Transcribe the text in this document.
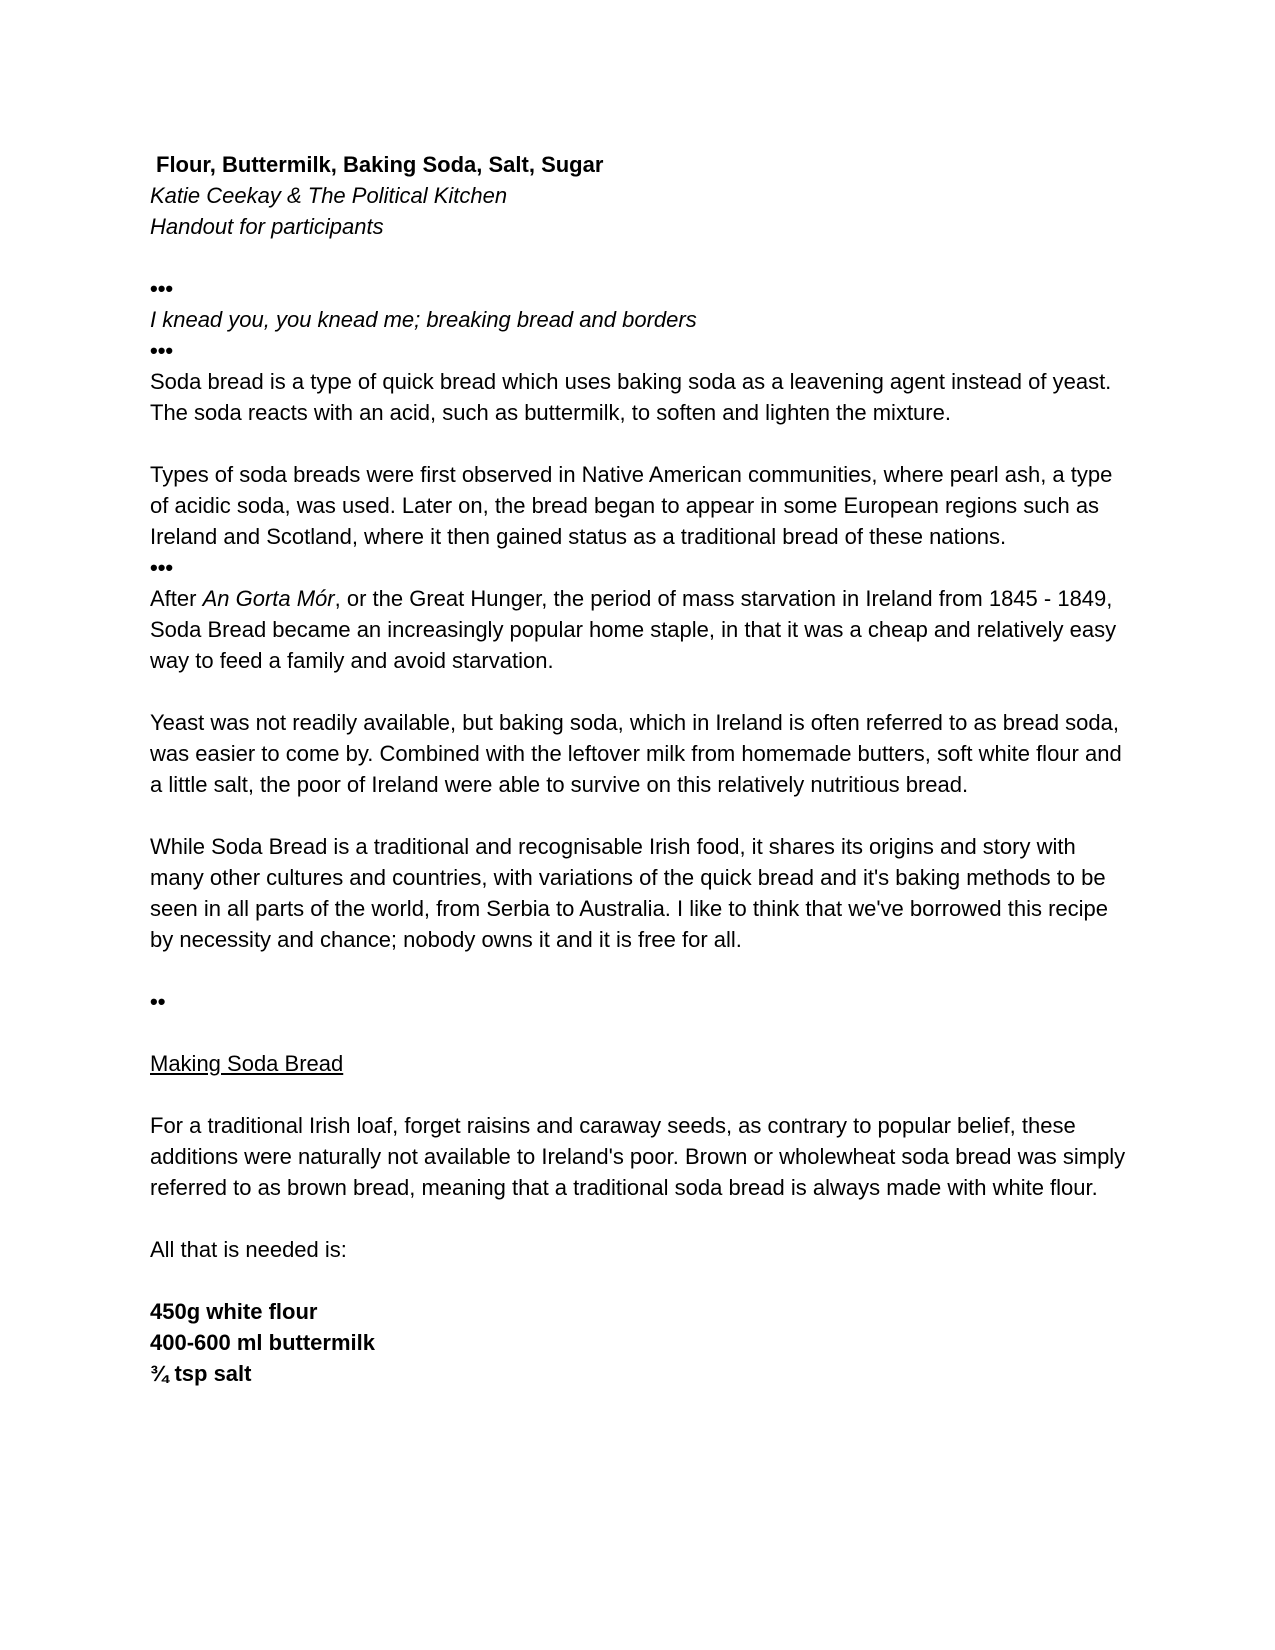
Flour, Buttermilk, Baking Soda, Salt, Sugar
Katie Ceekay & The Political Kitchen
Handout for participants
•••
I knead you, you knead me; breaking bread and borders
•••

Soda bread is a type of quick bread which uses baking soda as a leavening agent instead of yeast. The soda reacts with an acid, such as buttermilk, to soften and lighten the mixture.

Types of soda breads were first observed in Native American communities, where pearl ash, a type of acidic soda, was used. Later on, the bread began to appear in some European regions such as Ireland and Scotland, where it then gained status as a traditional bread of these nations.

•••

After An Gorta Mór, or the Great Hunger, the period of mass starvation in Ireland from 1845 - 1849, Soda Bread became an increasingly popular home staple, in that it was a cheap and relatively easy way to feed a family and avoid starvation.

Yeast was not readily available, but baking soda, which in Ireland is often referred to as bread soda, was easier to come by. Combined with the leftover milk from homemade butters, soft white flour and a little salt, the poor of Ireland were able to survive on this relatively nutritious bread.

While Soda Bread is a traditional and recognisable Irish food, it shares its origins and story with many other cultures and countries, with variations of the quick bread and it's baking methods to be seen in all parts of the world, from Serbia to Australia. I like to think that we've borrowed this recipe by necessity and chance; nobody owns it and it is free for all.

••
Making Soda Bread

For a traditional Irish loaf, forget raisins and caraway seeds, as contrary to popular belief, these additions were naturally not available to Ireland's poor. Brown or wholewheat soda bread was simply referred to as brown bread, meaning that a traditional soda bread is always made with white flour.

All that is needed is:
450g white flour
400-600 ml buttermilk
¾ tsp salt
